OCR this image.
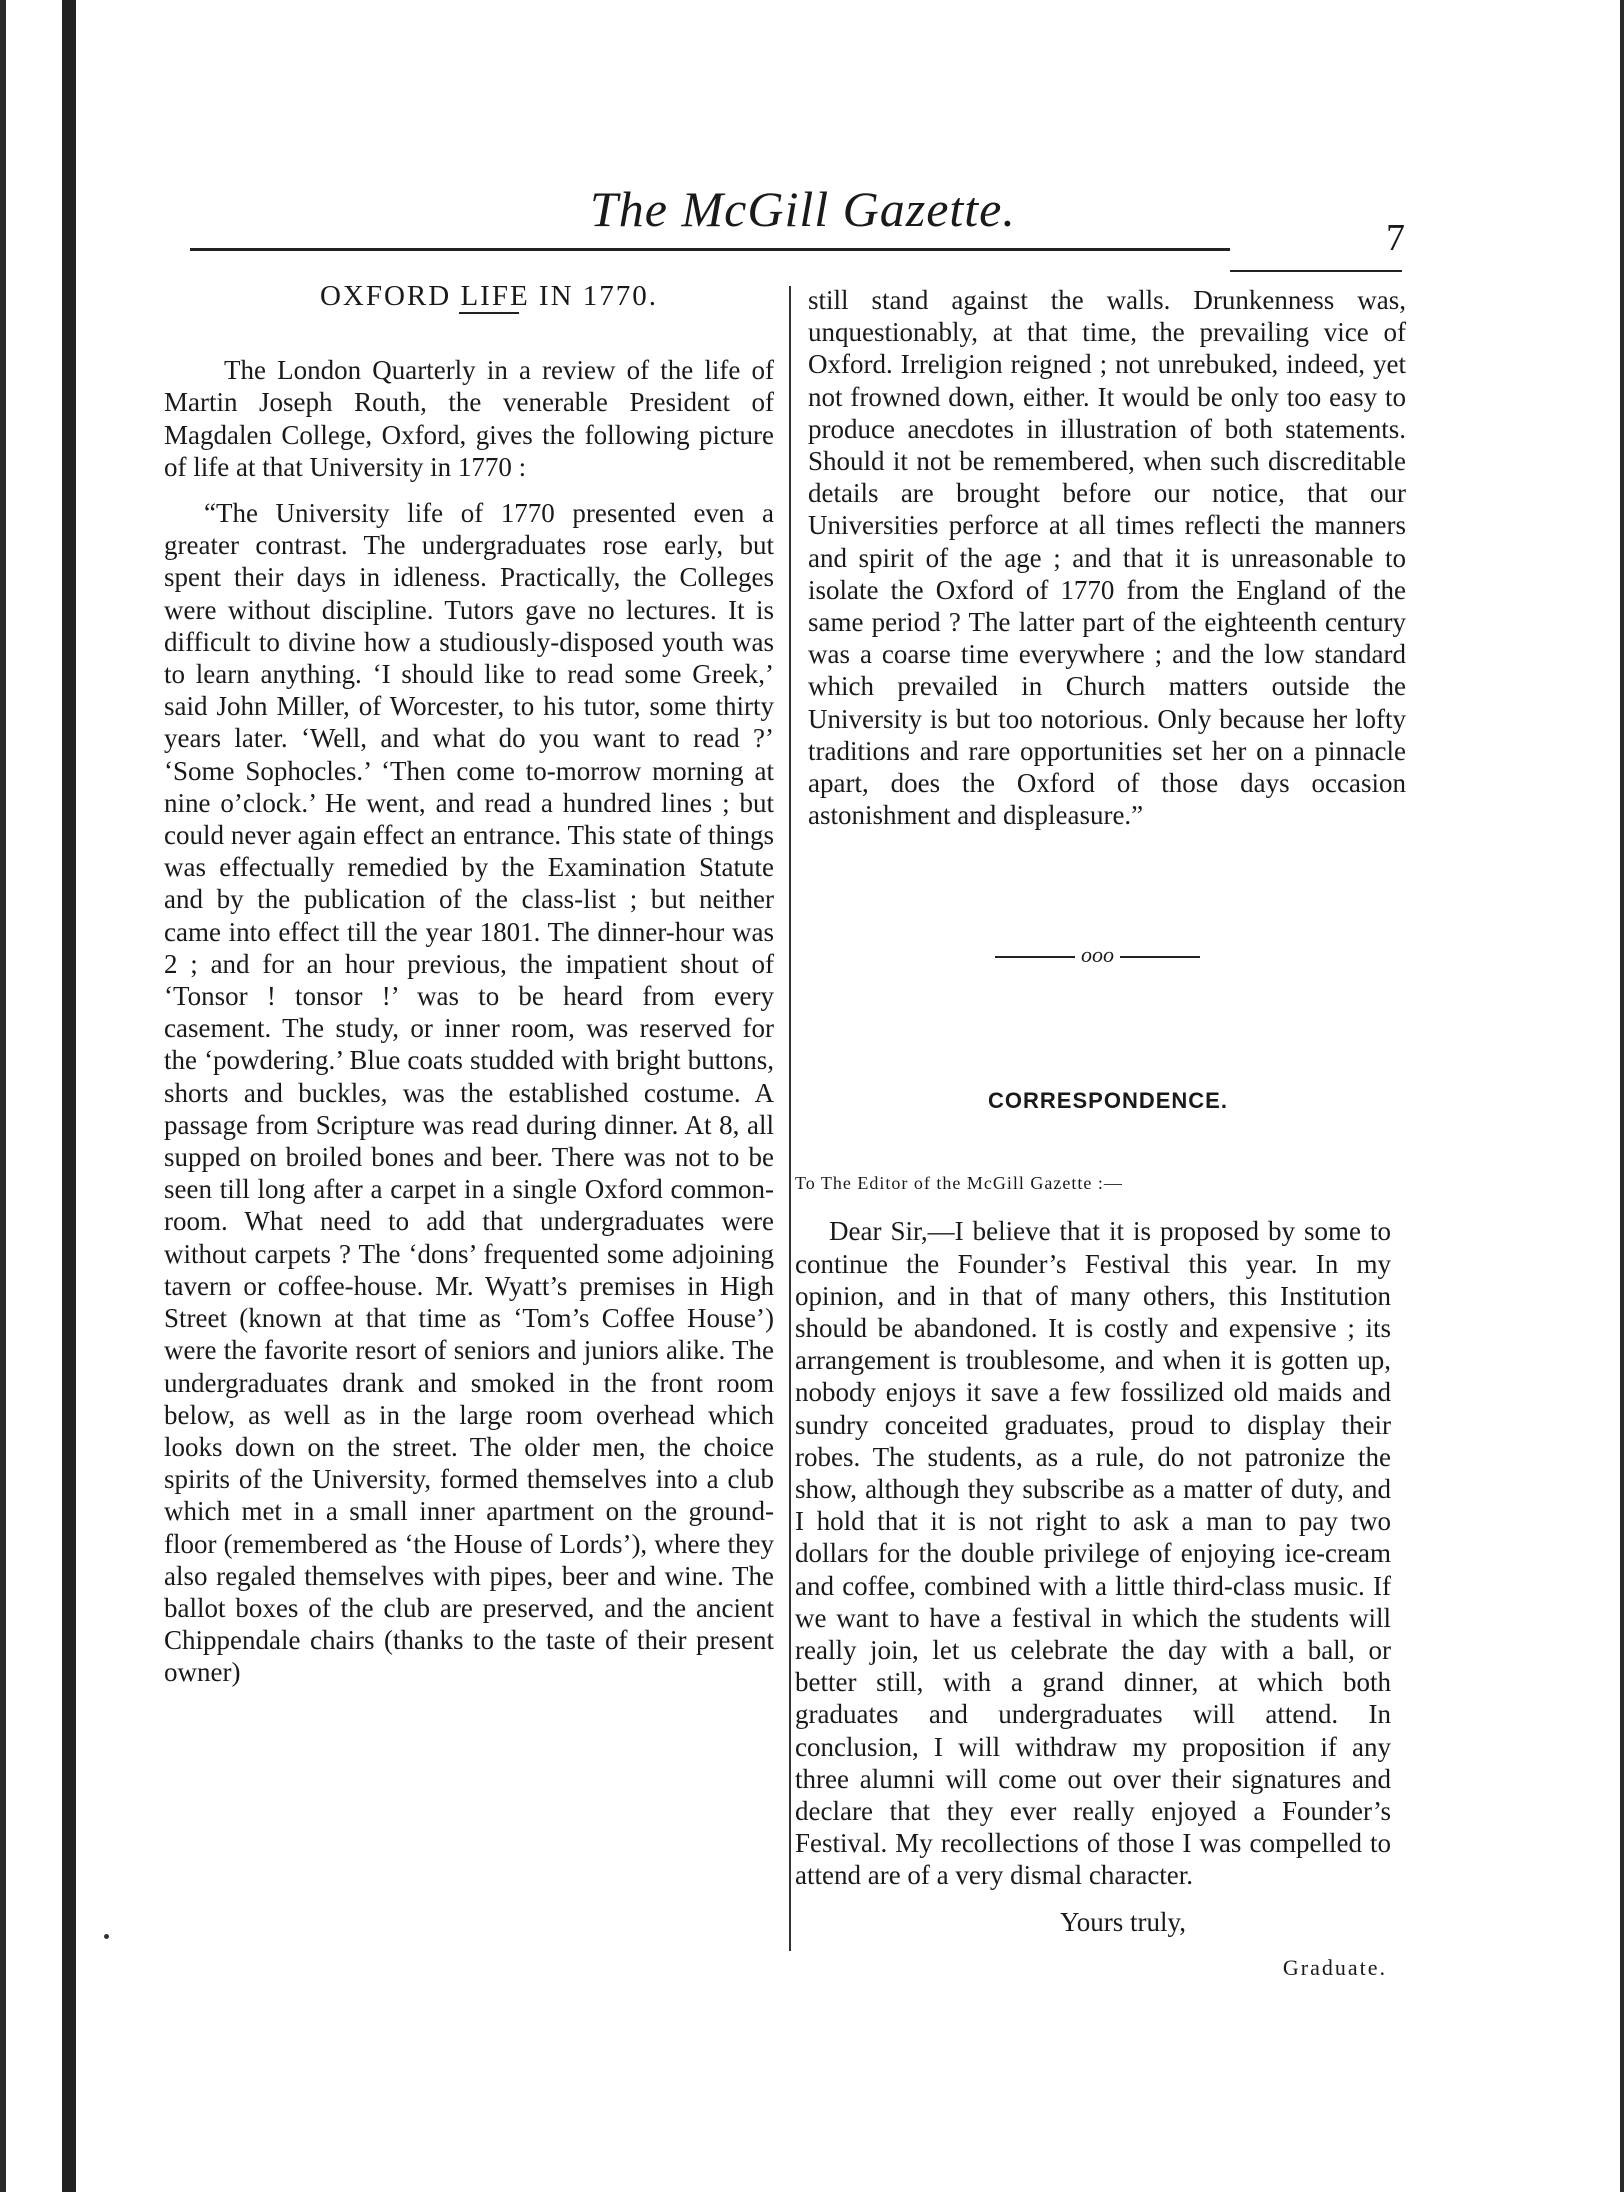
The McGill Gazette.
7

OXFORD LIFE IN 1770.

The London Quarterly in a review of the life of Martin Joseph Routh, the venerable President of Magdalen College, Oxford, gives the following picture of life at that University in 1770 :

“The University life of 1770 presented even a greater contrast. The undergraduates rose early, but spent their days in idleness. Practically, the Colleges were without discipline. Tutors gave no lectures. It is difficult to divine how a studiously-disposed youth was to learn anything. ‘I should like to read some Greek,’ said John Miller, of Worcester, to his tutor, some thirty years later. ‘Well, and what do you want to read ?’ ‘Some Sophocles.’ ‘Then come to-morrow morning at nine o’clock.’ He went, and read a hundred lines ; but could never again effect an entrance. This state of things was effectually remedied by the Examination Statute and by the publication of the class-list ; but neither came into effect till the year 1801. The dinner-hour was 2 ; and for an hour previous, the impatient shout of ‘Tonsor ! tonsor !’ was to be heard from every casement. The study, or inner room, was reserved for the ‘powdering.’ Blue coats studded with bright buttons, shorts and buckles, was the established costume. A passage from Scripture was read during dinner. At 8, all supped on broiled bones and beer. There was not to be seen till long after a carpet in a single Oxford common-room. What need to add that undergraduates were without carpets ? The ‘dons’ frequented some adjoining tavern or coffee-house. Mr. Wyatt’s premises in High Street (known at that time as ‘Tom’s Coffee House’) were the favorite resort of seniors and juniors alike. The undergraduates drank and smoked in the front room below, as well as in the large room overhead which looks down on the street. The older men, the choice spirits of the University, formed themselves into a club which met in a small inner apartment on the ground-floor (remembered as ‘the House of Lords’), where they also regaled themselves with pipes, beer and wine. The ballot boxes of the club are preserved, and the ancient Chippendale chairs (thanks to the taste of their present owner)

still stand against the walls. Drunkenness was, unquestionably, at that time, the prevailing vice of Oxford. Irreligion reigned ; not unrebuked, indeed, yet not frowned down, either. It would be only too easy to produce anecdotes in illustration of both statements. Should it not be remembered, when such discreditable details are brought before our notice, that our Universities perforce at all times reflecti the manners and spirit of the age ; and that it is unreasonable to isolate the Oxford of 1770 from the England of the same period ? The latter part of the eighteenth century was a coarse time everywhere ; and the low standard which prevailed in Church matters outside the University is but too notorious. Only because her lofty traditions and rare opportunities set her on a pinnacle apart, does the Oxford of those days occasion astonishment and displeasure.”

ooo

CORRESPONDENCE.

To The Editor of the McGill Gazette :—

Dear Sir,—I believe that it is proposed by some to continue the Founder’s Festival this year. In my opinion, and in that of many others, this Institution should be abandoned. It is costly and expensive ; its arrangement is troublesome, and when it is gotten up, nobody enjoys it save a few fossilized old maids and sundry conceited graduates, proud to display their robes. The students, as a rule, do not patronize the show, although they subscribe as a matter of duty, and I hold that it is not right to ask a man to pay two dollars for the double privilege of enjoying ice-cream and coffee, combined with a little third-class music. If we want to have a festival in which the students will really join, let us celebrate the day with a ball, or better still, with a grand dinner, at which both graduates and undergraduates will attend. In conclusion, I will withdraw my proposition if any three alumni will come out over their signatures and declare that they ever really enjoyed a Founder’s Festival. My recollections of those I was compelled to attend are of a very dismal character.

Yours truly,

Graduate.
